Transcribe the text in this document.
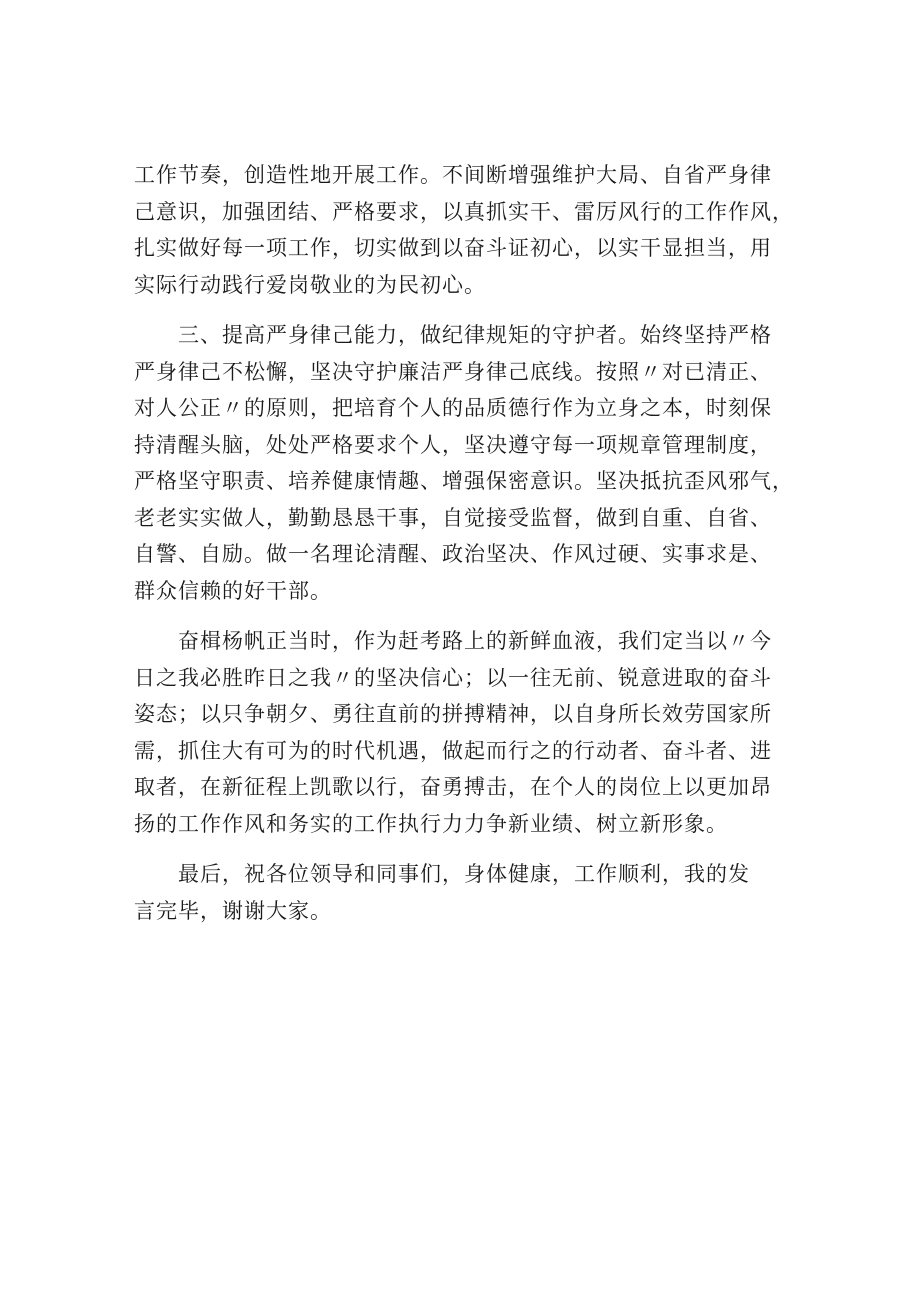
工作节奏，创造性地开展工作。不间断增强维护大局、自省严身律
己意识，加强团结、严格要求，以真抓实干、雷厉风行的工作作风，
扎实做好每一项工作，切实做到以奋斗证初心，以实干显担当，用
实际行动践行爱岗敬业的为民初心。

三、提高严身律己能力，做纪律规矩的守护者。始终坚持严格
严身律己不松懈，坚决守护廉洁严身律己底线。按照〃对已清正、
对人公正〃的原则，把培育个人的品质德行作为立身之本，时刻保
持清醒头脑，处处严格要求个人，坚决遵守每一项规章管理制度，
严格坚守职责、培养健康情趣、增强保密意识。坚决抵抗歪风邪气，
老老实实做人，勤勤恳恳干事，自觉接受监督，做到自重、自省、
自警、自励。做一名理论清醒、政治坚决、作风过硬、实事求是、
群众信赖的好干部。

奋楫杨帆正当时，作为赶考路上的新鲜血液，我们定当以〃今
日之我必胜昨日之我〃的坚决信心；以一往无前、锐意进取的奋斗
姿态；以只争朝夕、勇往直前的拼搏精神，以自身所长效劳国家所
需，抓住大有可为的时代机遇，做起而行之的行动者、奋斗者、进
取者，在新征程上凯歌以行，奋勇搏击，在个人的岗位上以更加昂
扬的工作作风和务实的工作执行力力争新业绩、树立新形象。

最后，祝各位领导和同事们，身体健康，工作顺利，我的发
言完毕，谢谢大家。
